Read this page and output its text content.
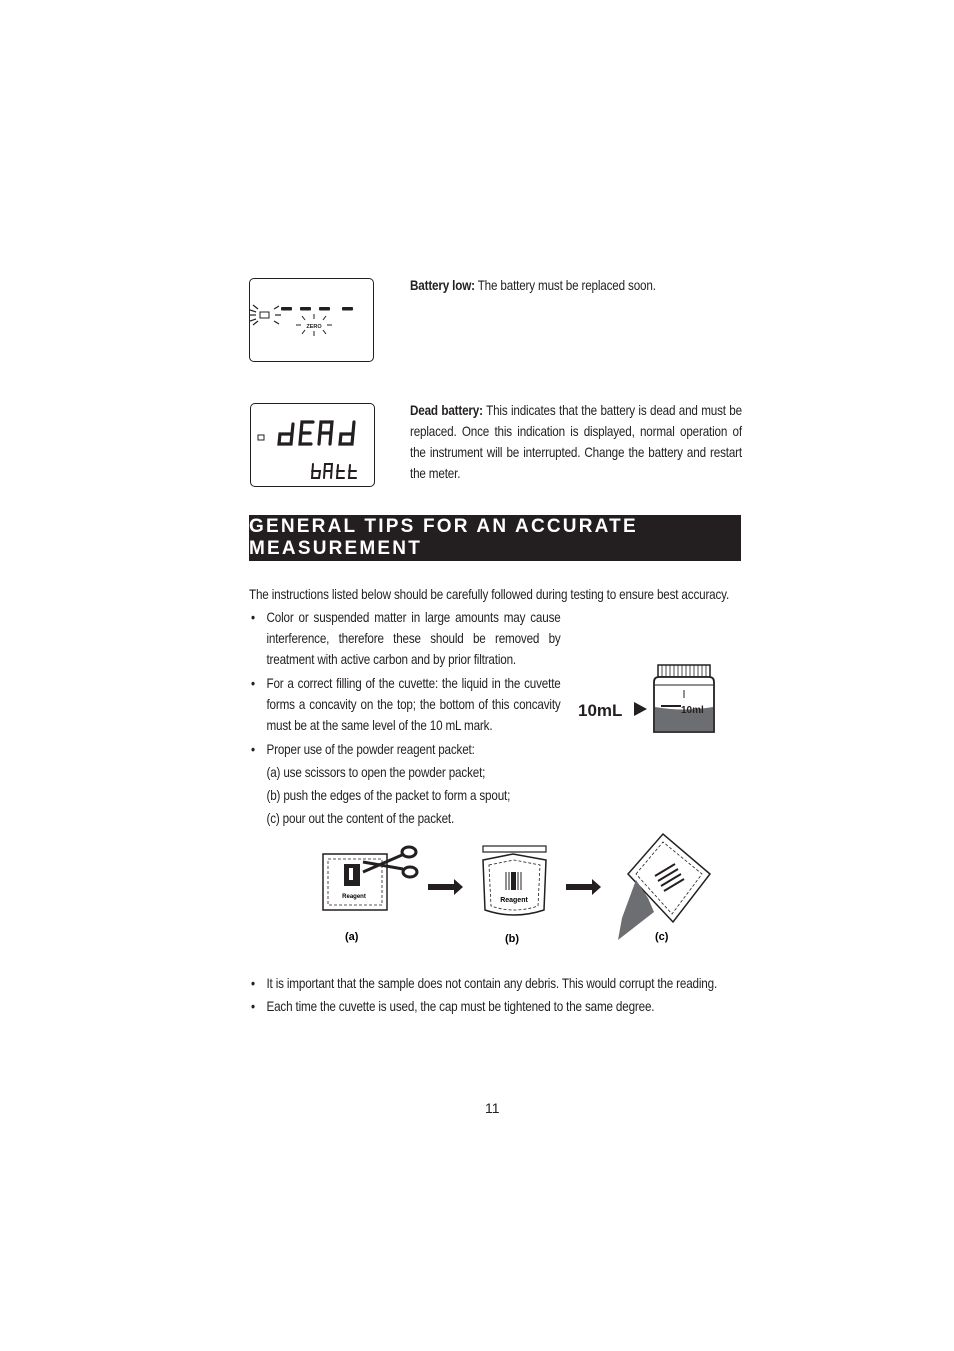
ZERO
Battery low: The battery must be replaced soon.
Dead battery: This indicates that the battery is dead and must be replaced. Once this indication is displayed, normal operation of the instrument will be interrupted. Change the battery and restart the meter.
GENERAL TIPS FOR AN ACCURATE MEASUREMENT
The instructions listed below should be carefully followed during testing to ensure best accuracy.
• Color or suspended matter in large amounts may cause interference, therefore these should be removed by treatment with active carbon and by prior filtration.
• For a correct filling of the cuvette: the liquid in the cuvette forms a concavity on the top; the bottom of this concavity must be at the same level of the 10 mL mark.
• Proper use of the powder reagent packet:
(a) use scissors to open the powder packet;
(b) push the edges of the packet to form a spout;
(c) pour out the content of the packet.
10ml
10mL
Reagent	Reagent
(a)	(b)	(c)
• It is important that the sample does not contain any debris. This would corrupt the reading.
• Each time the cuvette is used, the cap must be tightened to the same degree.
11
